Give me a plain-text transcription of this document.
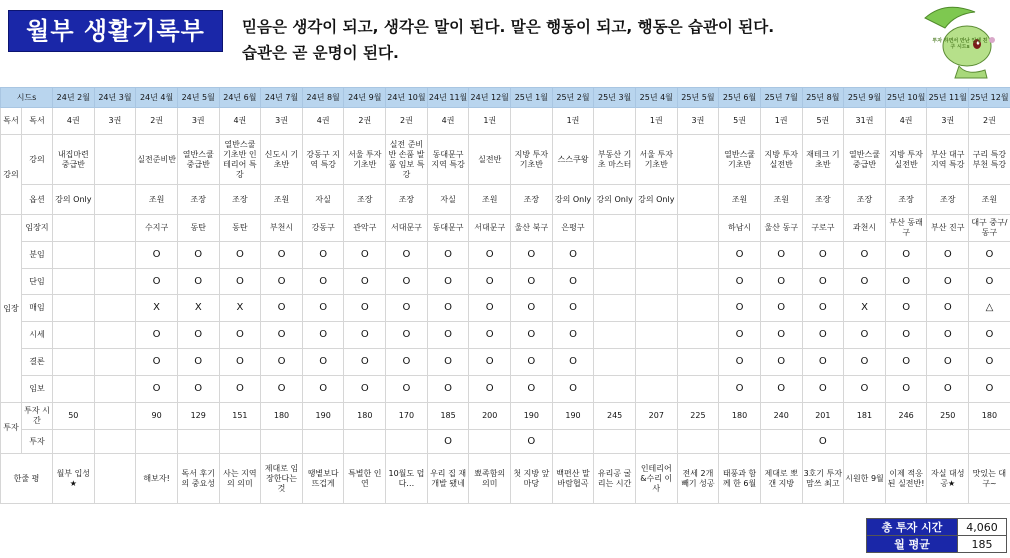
월부 생활기록부	믿음은 생각이 되고, 생각은 말이 된다. 말은 행동이 되고, 행동은 습관이 된다.
습관은 곧 운명이 된다.
투자 하면서 만난 인생 친구 시드s
시드s		24년 2월	24년 3월	24년 4월	24년 5월	24년 6월	24년 7월	24년 8월	24년 9월	24년 10월	24년 11월	24년 12월	25년 1월	25년 2월	25년 3월	25년 4월	25년 5월	25년 6월	25년 7월	25년 8월	25년 9월	25년 10월	25년 11월	25년 12월
독서	독서	4권	3권	2권	3권	4권	3권	4권	2권	2권	4권	1권		1권		1권	3권	5권	1권	5권	31권	4권	3권	2권
강의	강의	내집마련 중급반		실전준비반	열반스쿨 중급반	열반스쿨 기초반 인테리어 특강	신도시 기초반	강동구 지역 특강	서울 투자 기초반	실전 준비반 손품 발품 임보 특강	동대문구 지역 특강	실전반	지방 투자 기초반	스스쿠왕	부동산 기초 마스터	서울 투자 기초반		열반스쿨 기초반	지방 투자 실전반	재테크 기초반	열반스쿨 중급반	지방 투자 실전반	부산 대구 지역 특강	구리 특강 부천 특강
	옵션	강의 Only		조원	조장	조장	조원	자실	조장	조장	자실	조원	조장	강의 Only	강의 Only	강의 Only		조원	조원	조장	조장	조장	조장	조원
임장	임장지			수지구	동탄	동탄	부천시	강동구	관악구	서대문구	동대문구	서대문구	울산 북구	은평구				하남시	울산 동구	구로구	과천시	부산 동래구	부산 진구	대구 중구/동구
	분임			O	O	O	O	O	O	O	O	O	O	O				O	O	O	O	O	O	O
	단임			O	O	O	O	O	O	O	O	O	O	O				O	O	O	O	O	O	O
	매임			X	X	X	O	O	O	O	O	O	O	O				O	O	O	X	O	O	△
	시세			O	O	O	O	O	O	O	O	O	O	O				O	O	O	O	O	O	O
	결론			O	O	O	O	O	O	O	O	O	O	O				O	O	O	O	O	O	O
	임보			O	O	O	O	O	O	O	O	O	O	O				O	O	O	O	O	O	O
투자	투자 시간	50		90	129	151	180	190	180	170	185	200	190	190	245	207	225	180	240	201	181	246	250	180
	투자										O		O							O				
한줄 평		월부 입성 ★		해보자!	독서 후기의 중요성	사는 지역의 의미	제대로 임장한다는 것	땡볕보다 뜨겁게	특별한 인연	10월도 덥다…	우리 집 재개발 됐네	뾰족함의 의미	첫 지방 앞마당	백편산 말바람협곡	유리공 굴리는 시간	인테리어 &수리 이사	전세 2개 빼기 성공	태풍과 함께 한 6월	제대로 뽀갠 지방	3호기 투자 맘쓰 최고	시원한 9월	이제 적응된 실전반!	자실 대성공★	맛있는 대구~
총 투자 시간	4,060
월 평균	185
